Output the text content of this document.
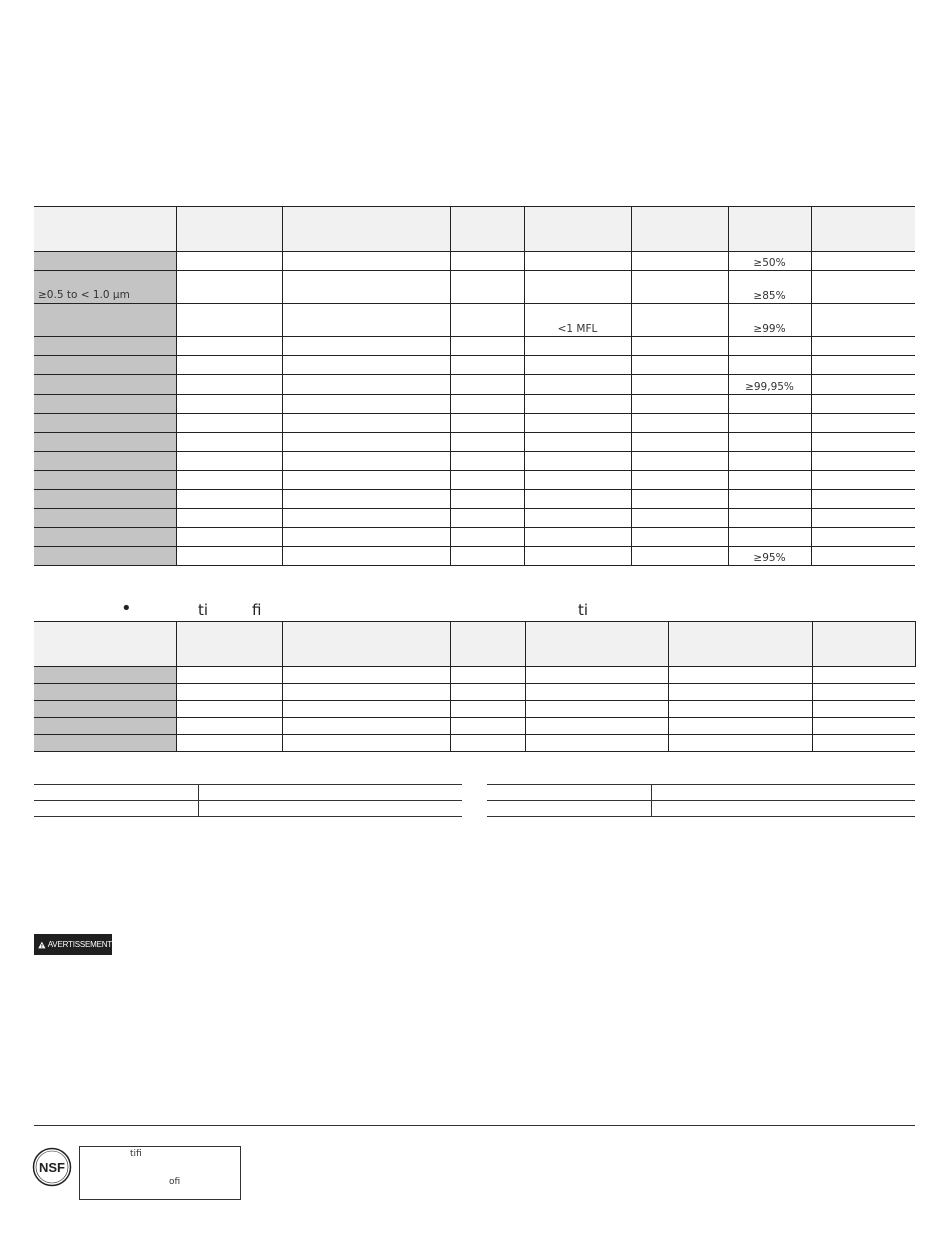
						≥50%	
≥0.5 to < 1.0 µm						≥85%	
				<1 MFL		≥99%	

						≥99,95%	

						≥95%	
•	ti	fi	ti

AVERTISSEMENT
NSF
tifi
ofi
